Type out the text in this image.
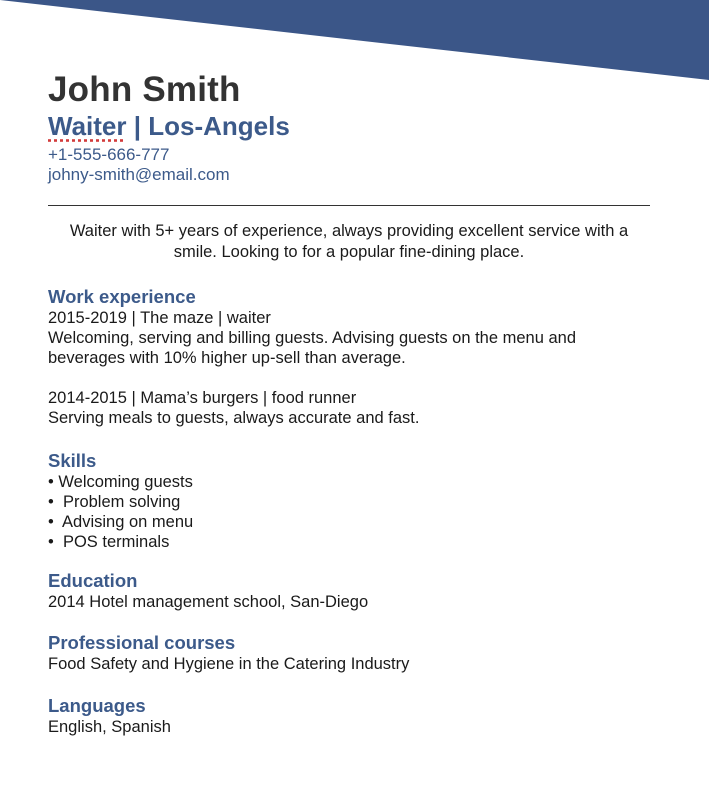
John Smith
Waiter | Los-Angels
+1-555-666-777
johny-smith@email.com
Waiter with 5+ years of experience, always providing excellent service with a smile. Looking to for a popular fine-dining place.
Work experience
2015-2019 | The maze | waiter
Welcoming, serving and billing guests. Advising guests on the menu and
beverages with 10% higher up-sell than average.
2014-2015 | Mama’s burgers | food runner
Serving meals to guests, always accurate and fast.
Skills
• Welcoming guests
•  Problem solving
•  Advising on menu
•  POS terminals
Education
2014 Hotel management school, San-Diego
Professional courses
Food Safety and Hygiene in the Catering Industry
Languages
English, Spanish
